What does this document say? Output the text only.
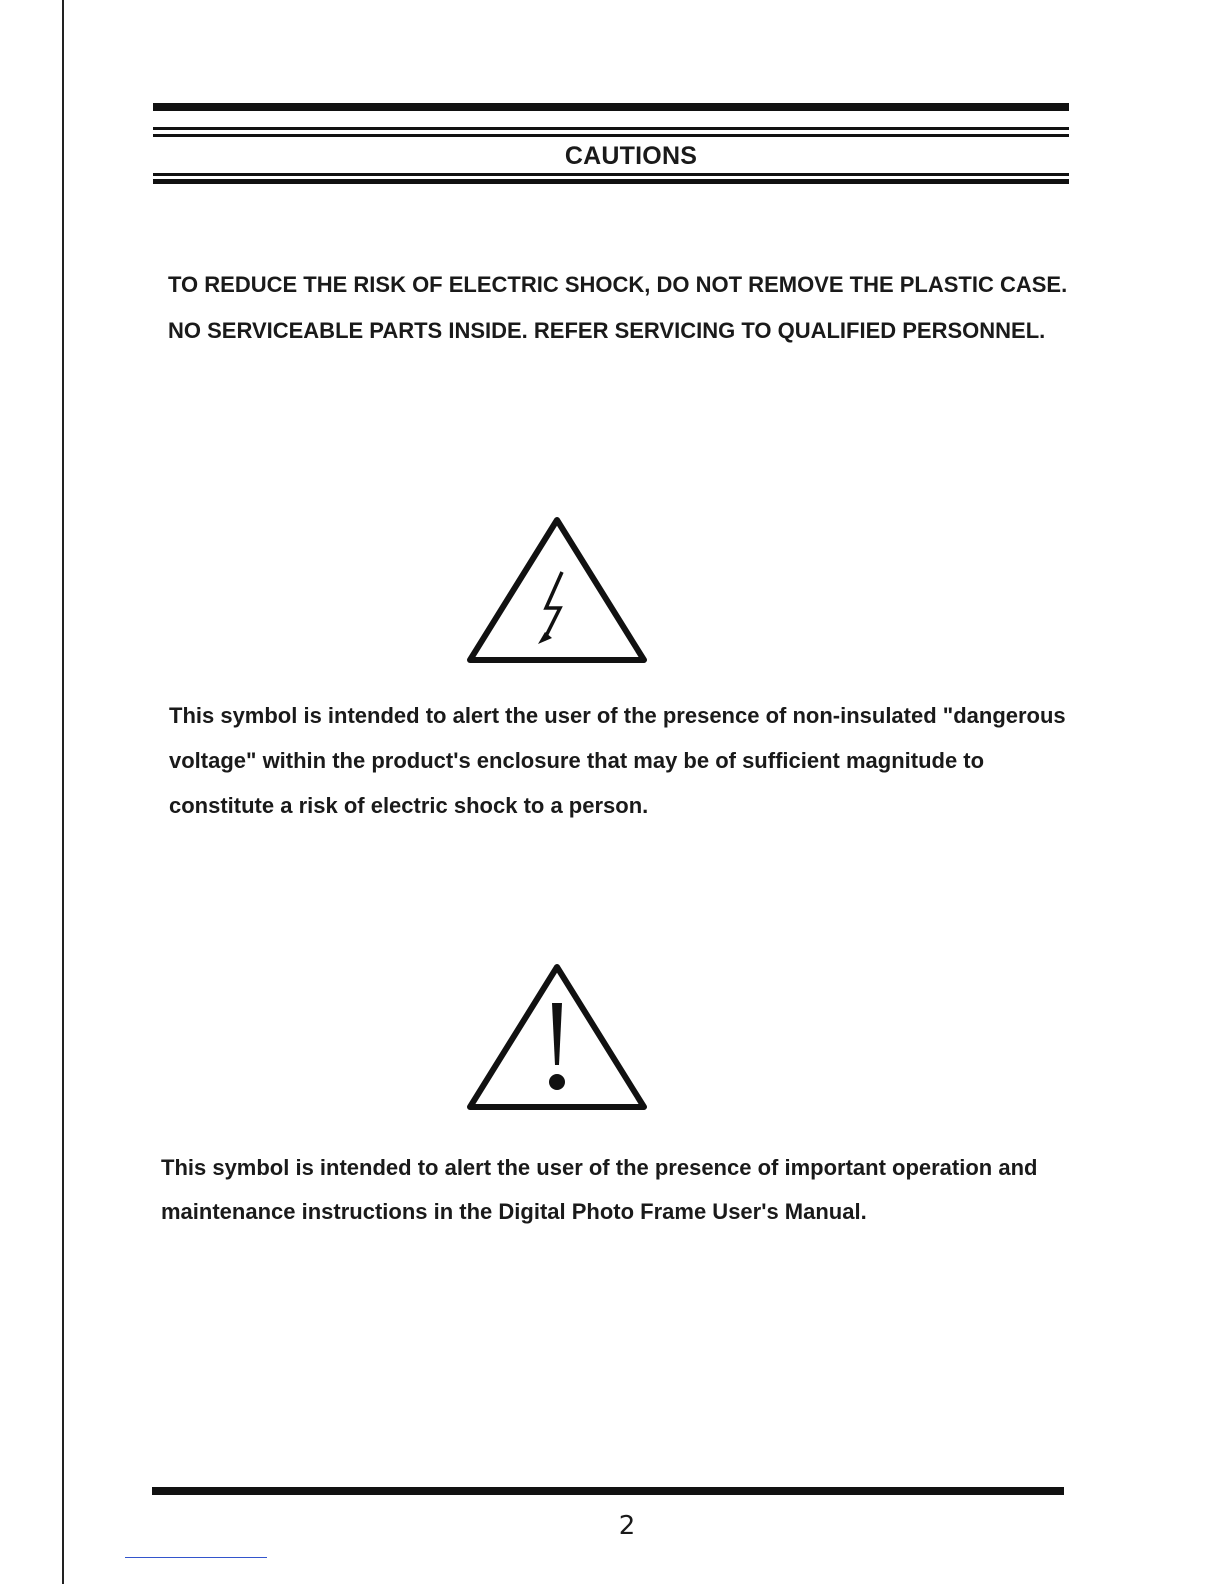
CAUTIONS

TO REDUCE THE RISK OF ELECTRIC SHOCK, DO NOT REMOVE THE PLASTIC CASE. NO SERVICEABLE PARTS INSIDE. REFER SERVICING TO QUALIFIED PERSONNEL.

This symbol is intended to alert the user of the presence of non-insulated "dangerous voltage" within the product's enclosure that may be of sufficient magnitude to constitute a risk of electric shock to a person.

This symbol is intended to alert the user of the presence of important operation and maintenance instructions in the Digital Photo Frame User's Manual.

2
